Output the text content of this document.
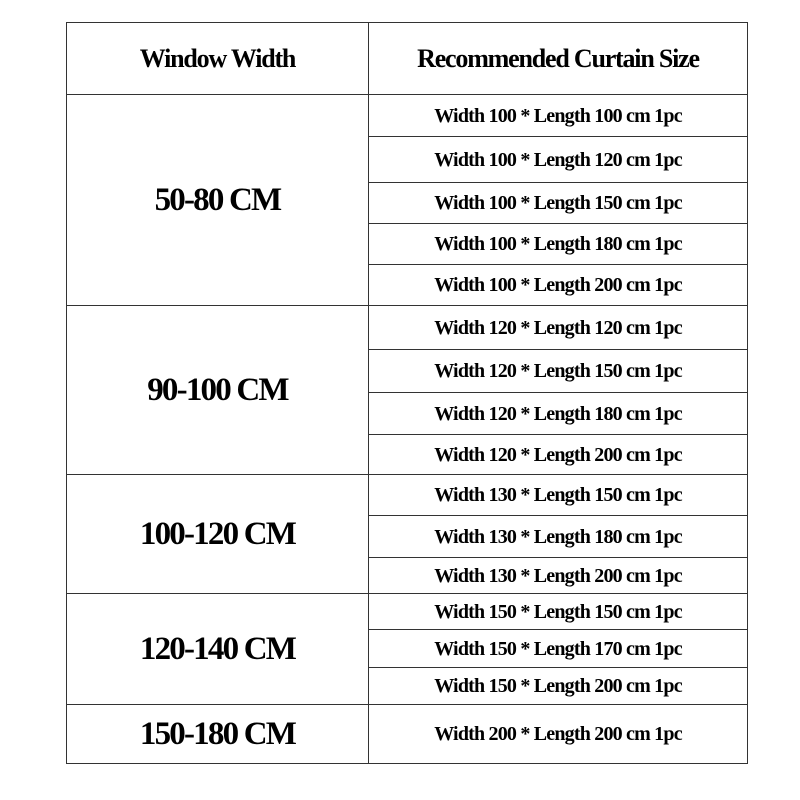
Window Width	Recommended Curtain Size
50-80 CM
Width 100 * Length 100 cm 1pc
Width 100 * Length 120 cm 1pc
Width 100 * Length 150 cm 1pc
Width 100 * Length 180 cm 1pc
Width 100 * Length 200 cm 1pc
90-100 CM
Width 120 * Length 120 cm 1pc
Width 120 * Length 150 cm 1pc
Width 120 * Length 180 cm 1pc
Width 120 * Length 200 cm 1pc
100-120 CM
Width 130 * Length 150 cm 1pc
Width 130 * Length 180 cm 1pc
Width 130 * Length 200 cm 1pc
120-140 CM
Width 150 * Length 150 cm 1pc
Width 150 * Length 170 cm 1pc
Width 150 * Length 200 cm 1pc
150-180 CM	Width 200 * Length 200 cm 1pc
